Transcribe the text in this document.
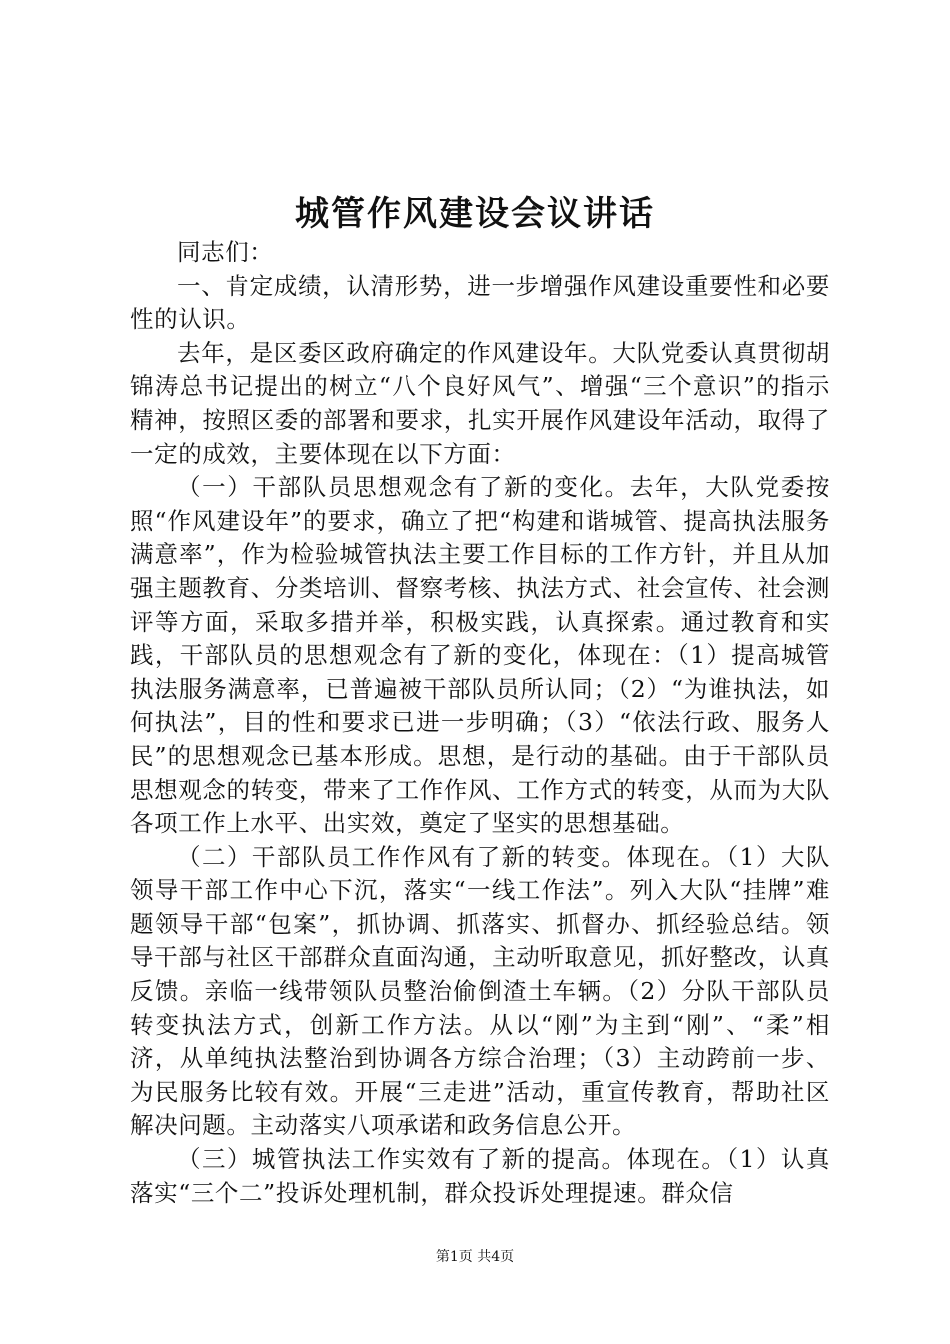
城管作风建设会议讲话

同志们：

一、肯定成绩，认清形势，进一步增强作风建设重要性和必要性的认识。

去年，是区委区政府确定的作风建设年。大队党委认真贯彻胡锦涛总书记提出的树立“八个良好风气”、增强“三个意识”的指示精神，按照区委的部署和要求，扎实开展作风建设年活动，取得了一定的成效，主要体现在以下方面：

（一）干部队员思想观念有了新的变化。去年，大队党委按照“作风建设年”的要求，确立了把“构建和谐城管、提高执法服务满意率”，作为检验城管执法主要工作目标的工作方针，并且从加强主题教育、分类培训、督察考核、执法方式、社会宣传、社会测评等方面，采取多措并举，积极实践，认真探索。通过教育和实践，干部队员的思想观念有了新的变化，体现在：（1）提高城管执法服务满意率，已普遍被干部队员所认同；（2）“为谁执法，如何执法”，目的性和要求已进一步明确；（3）“依法行政、服务人民”的思想观念已基本形成。思想，是行动的基础。由于干部队员思想观念的转变，带来了工作作风、工作方式的转变，从而为大队各项工作上水平、出实效，奠定了坚实的思想基础。

（二）干部队员工作作风有了新的转变。体现在。（1）大队领导干部工作中心下沉，落实“一线工作法”。列入大队“挂牌”难题领导干部“包案”，抓协调、抓落实、抓督办、抓经验总结。领导干部与社区干部群众直面沟通，主动听取意见，抓好整改，认真反馈。亲临一线带领队员整治偷倒渣土车辆。（2）分队干部队员转变执法方式，创新工作方法。从以“刚”为主到“刚”、“柔”相济，从单纯执法整治到协调各方综合治理；（3）主动跨前一步、为民服务比较有效。开展“三走进”活动，重宣传教育，帮助社区解决问题。主动落实八项承诺和政务信息公开。

（三）城管执法工作实效有了新的提高。体现在。（1）认真落实“三个二”投诉处理机制，群众投诉处理提速。群众信

第1页 共4页
